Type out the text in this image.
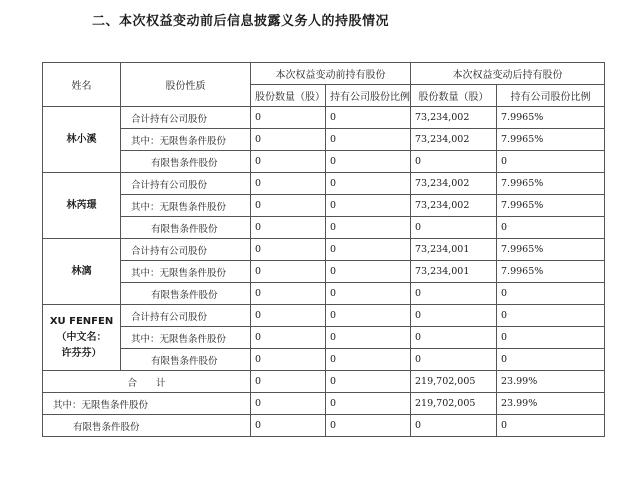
二、本次权益变动前后信息披露义务人的持股情况
姓名	股份性质	本次权益变动前持有股份		本次权益变动后持有股份	
		股份数量（股）	持有公司股份比例	股份数量（股）	持有公司股份比例

林小溪	合计持有公司股份	0	0	73,234,002	7.9965%
	其中：无限售条件股份	0	0	73,234,002	7.9965%
	有限售条件股份	0	0	0	0

林芮璟	合计持有公司股份	0	0	73,234,002	7.9965%
	其中：无限售条件股份	0	0	73,234,002	7.9965%
	有限售条件股份	0	0	0	0

林漓	合计持有公司股份	0	0	73,234,001	7.9965%
	其中：无限售条件股份	0	0	73,234,001	7.9965%
	有限售条件股份	0	0	0	0

XU FENFEN
（中文名：
许芬芬）	合计持有公司股份	0	0	0	0
	其中：无限售条件股份	0	0	0	0
	有限售条件股份	0	0	0	0
合　　计		0	0	219,702,005	23.99%
其中：无限售条件股份		0	0	219,702,005	23.99%
有限售条件股份		0	0	0	0
